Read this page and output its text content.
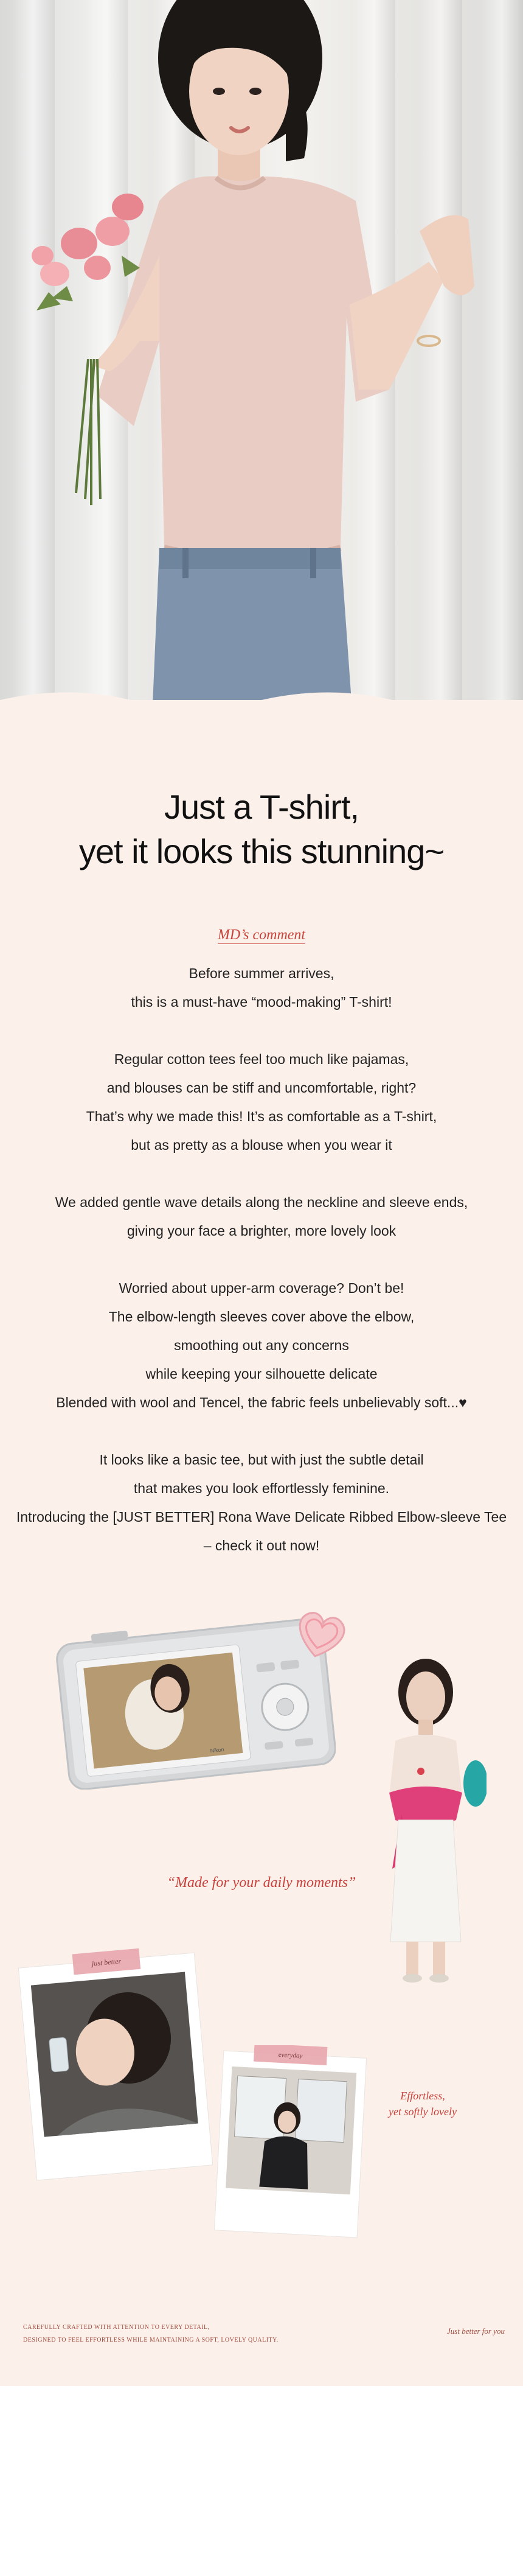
Just a T-shirt,
yet it looks this stunning~
MD’s comment
Before summer arrives,
this is a must-have “mood-making” T-shirt!
Regular cotton tees feel too much like pajamas,
and blouses can be stiff and uncomfortable, right?
That’s why we made this! It’s as comfortable as a T-shirt,
but as pretty as a blouse when you wear it
We added gentle wave details along the neckline and sleeve ends,
giving your face a brighter, more lovely look
Worried about upper-arm coverage? Don’t be!
The elbow-length sleeves cover above the elbow,
smoothing out any concerns
while keeping your silhouette delicate
Blended with wool and Tencel, the fabric feels unbelievably soft...♥
It looks like a basic tee, but with just the subtle detail
that makes you look effortlessly feminine.
Introducing the [JUST BETTER] Rona Wave Delicate Ribbed Elbow-sleeve Tee
– check it out now!
Nikon
“Made for your daily moments”
just better
everyday
Effortless,
yet softly lovely
CAREFULLY CRAFTED WITH ATTENTION TO EVERY DETAIL,
DESIGNED TO FEEL EFFORTLESS WHILE MAINTAINING A SOFT, LOVELY QUALITY.
Just better for you
